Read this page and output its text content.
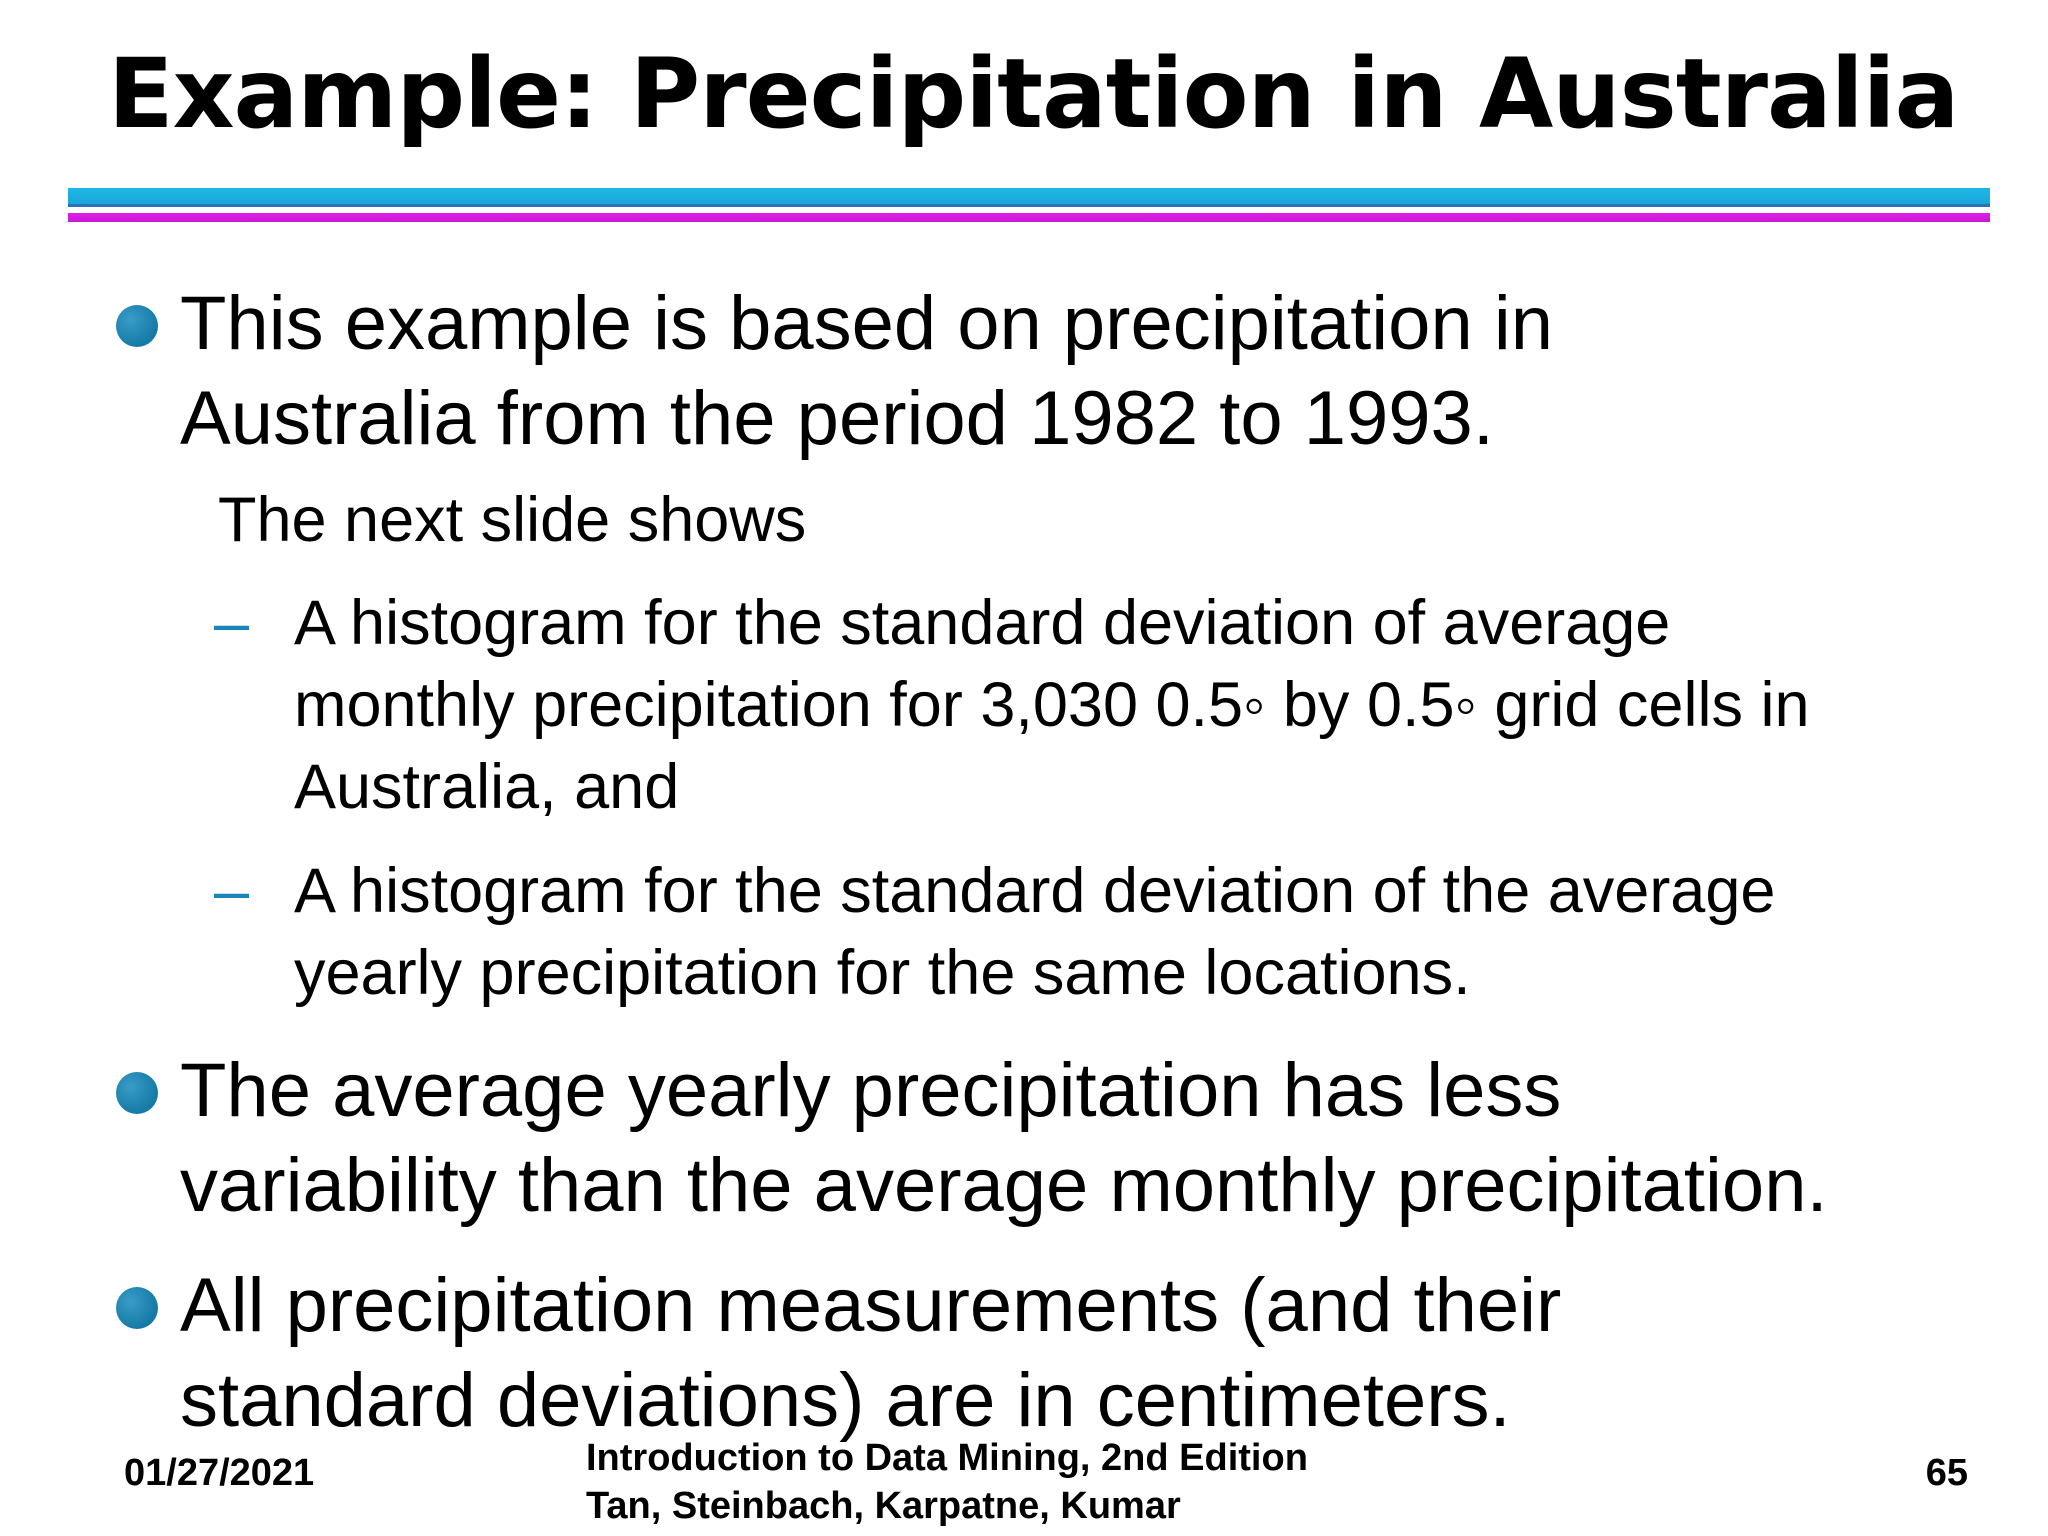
Example: Precipitation in Australia
This example is based on precipitation in
Australia from the period 1982 to 1993.
The next slide shows
– A histogram for the standard deviation of average
monthly precipitation for 3,030 0.5◦ by 0.5◦ grid cells in
Australia, and
– A histogram for the standard deviation of the average
yearly precipitation for the same locations.
The average yearly precipitation has less
variability than the average monthly precipitation.
All precipitation measurements (and their
standard deviations) are in centimeters.
01/27/2021	Introduction to Data Mining, 2nd Edition
Tan, Steinbach, Karpatne, Kumar
65
